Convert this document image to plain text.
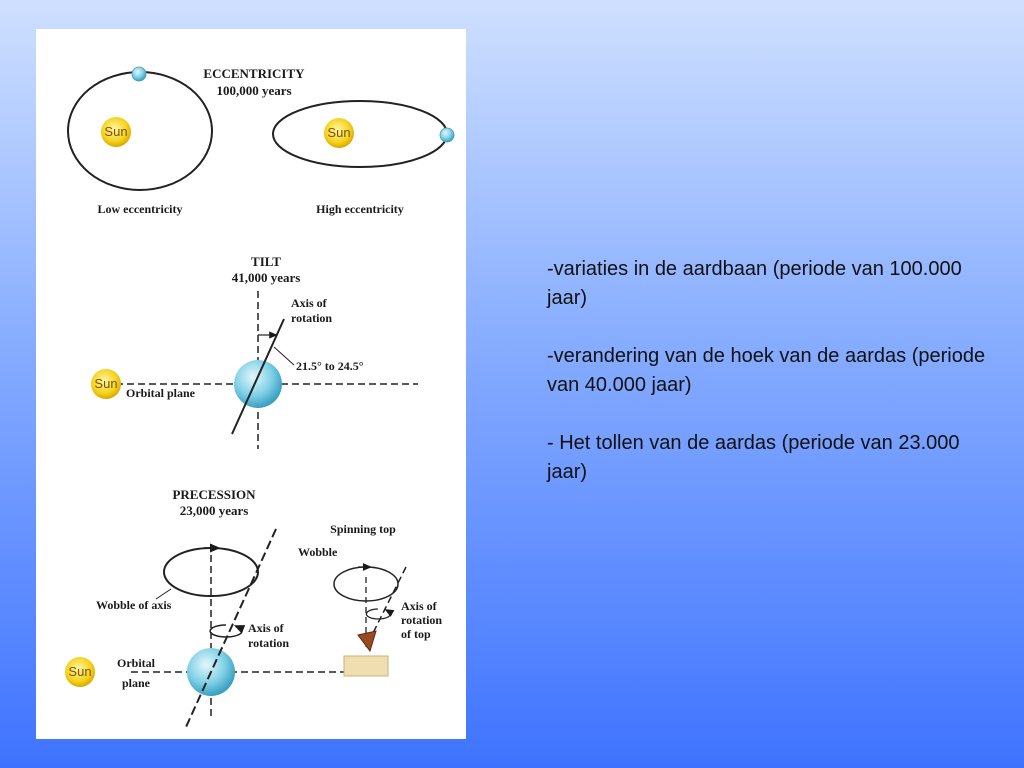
ECCENTRICITY
100,000 years
Sun
Low eccentricity
Sun
High eccentricity
TILT
41,000 years
Axis of
rotation
21.5° to 24.5°
Sun
Orbital plane
PRECESSION
23,000 years
Wobble of axis
Axis of
rotation
Sun
Orbital
plane
Spinning top
Wobble
Axis of
rotation
of top

-variaties in de aardbaan (periode van 100.000 jaar)

-verandering van de hoek van de aardas (periode van 40.000 jaar)

- Het tollen van de aardas (periode van 23.000 jaar)
